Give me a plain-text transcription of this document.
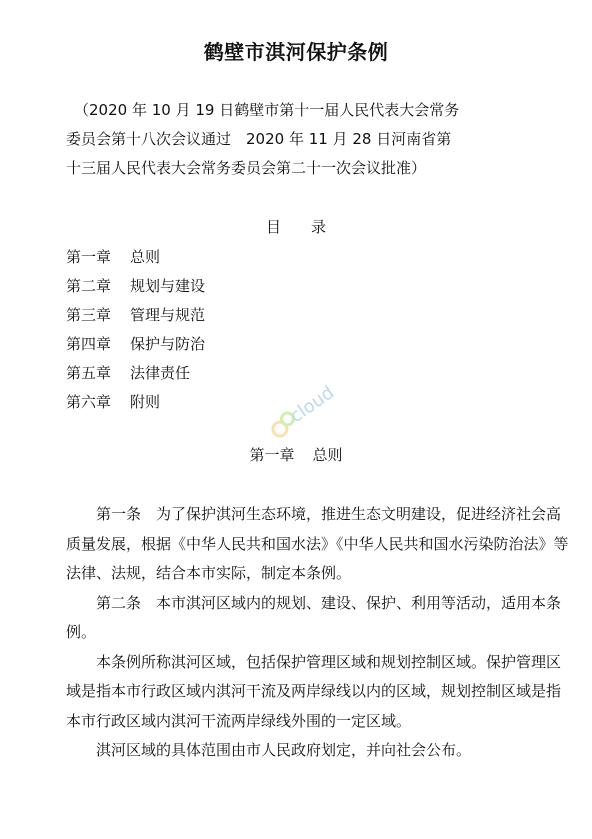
鹤壁市淇河保护条例
（2020 年 10 月 19 日鹤壁市第十一届人民代表大会常务
委员会第十八次会议通过　2020 年 11 月 28 日河南省第
十三届人民代表大会常务委员会第二十一次会议批准）
目 录
第一章 总则
第二章 规划与建设
第三章 管理与规范
第四章 保护与防治
第五章 法律责任
第六章 附则	cloud
第一章 总则
　　第一条　为了保护淇河生态环境，推进生态文明建设，促进经济社会高
质量发展，根据《中华人民共和国水法》《中华人民共和国水污染防治法》等
法律、法规，结合本市实际，制定本条例。
　　第二条　本市淇河区域内的规划、建设、保护、利用等活动，适用本条
例。
　　本条例所称淇河区域，包括保护管理区域和规划控制区域。保护管理区
域是指本市行政区域内淇河干流及两岸绿线以内的区域，规划控制区域是指
本市行政区域内淇河干流两岸绿线外围的一定区域。
　　淇河区域的具体范围由市人民政府划定，并向社会公布。
